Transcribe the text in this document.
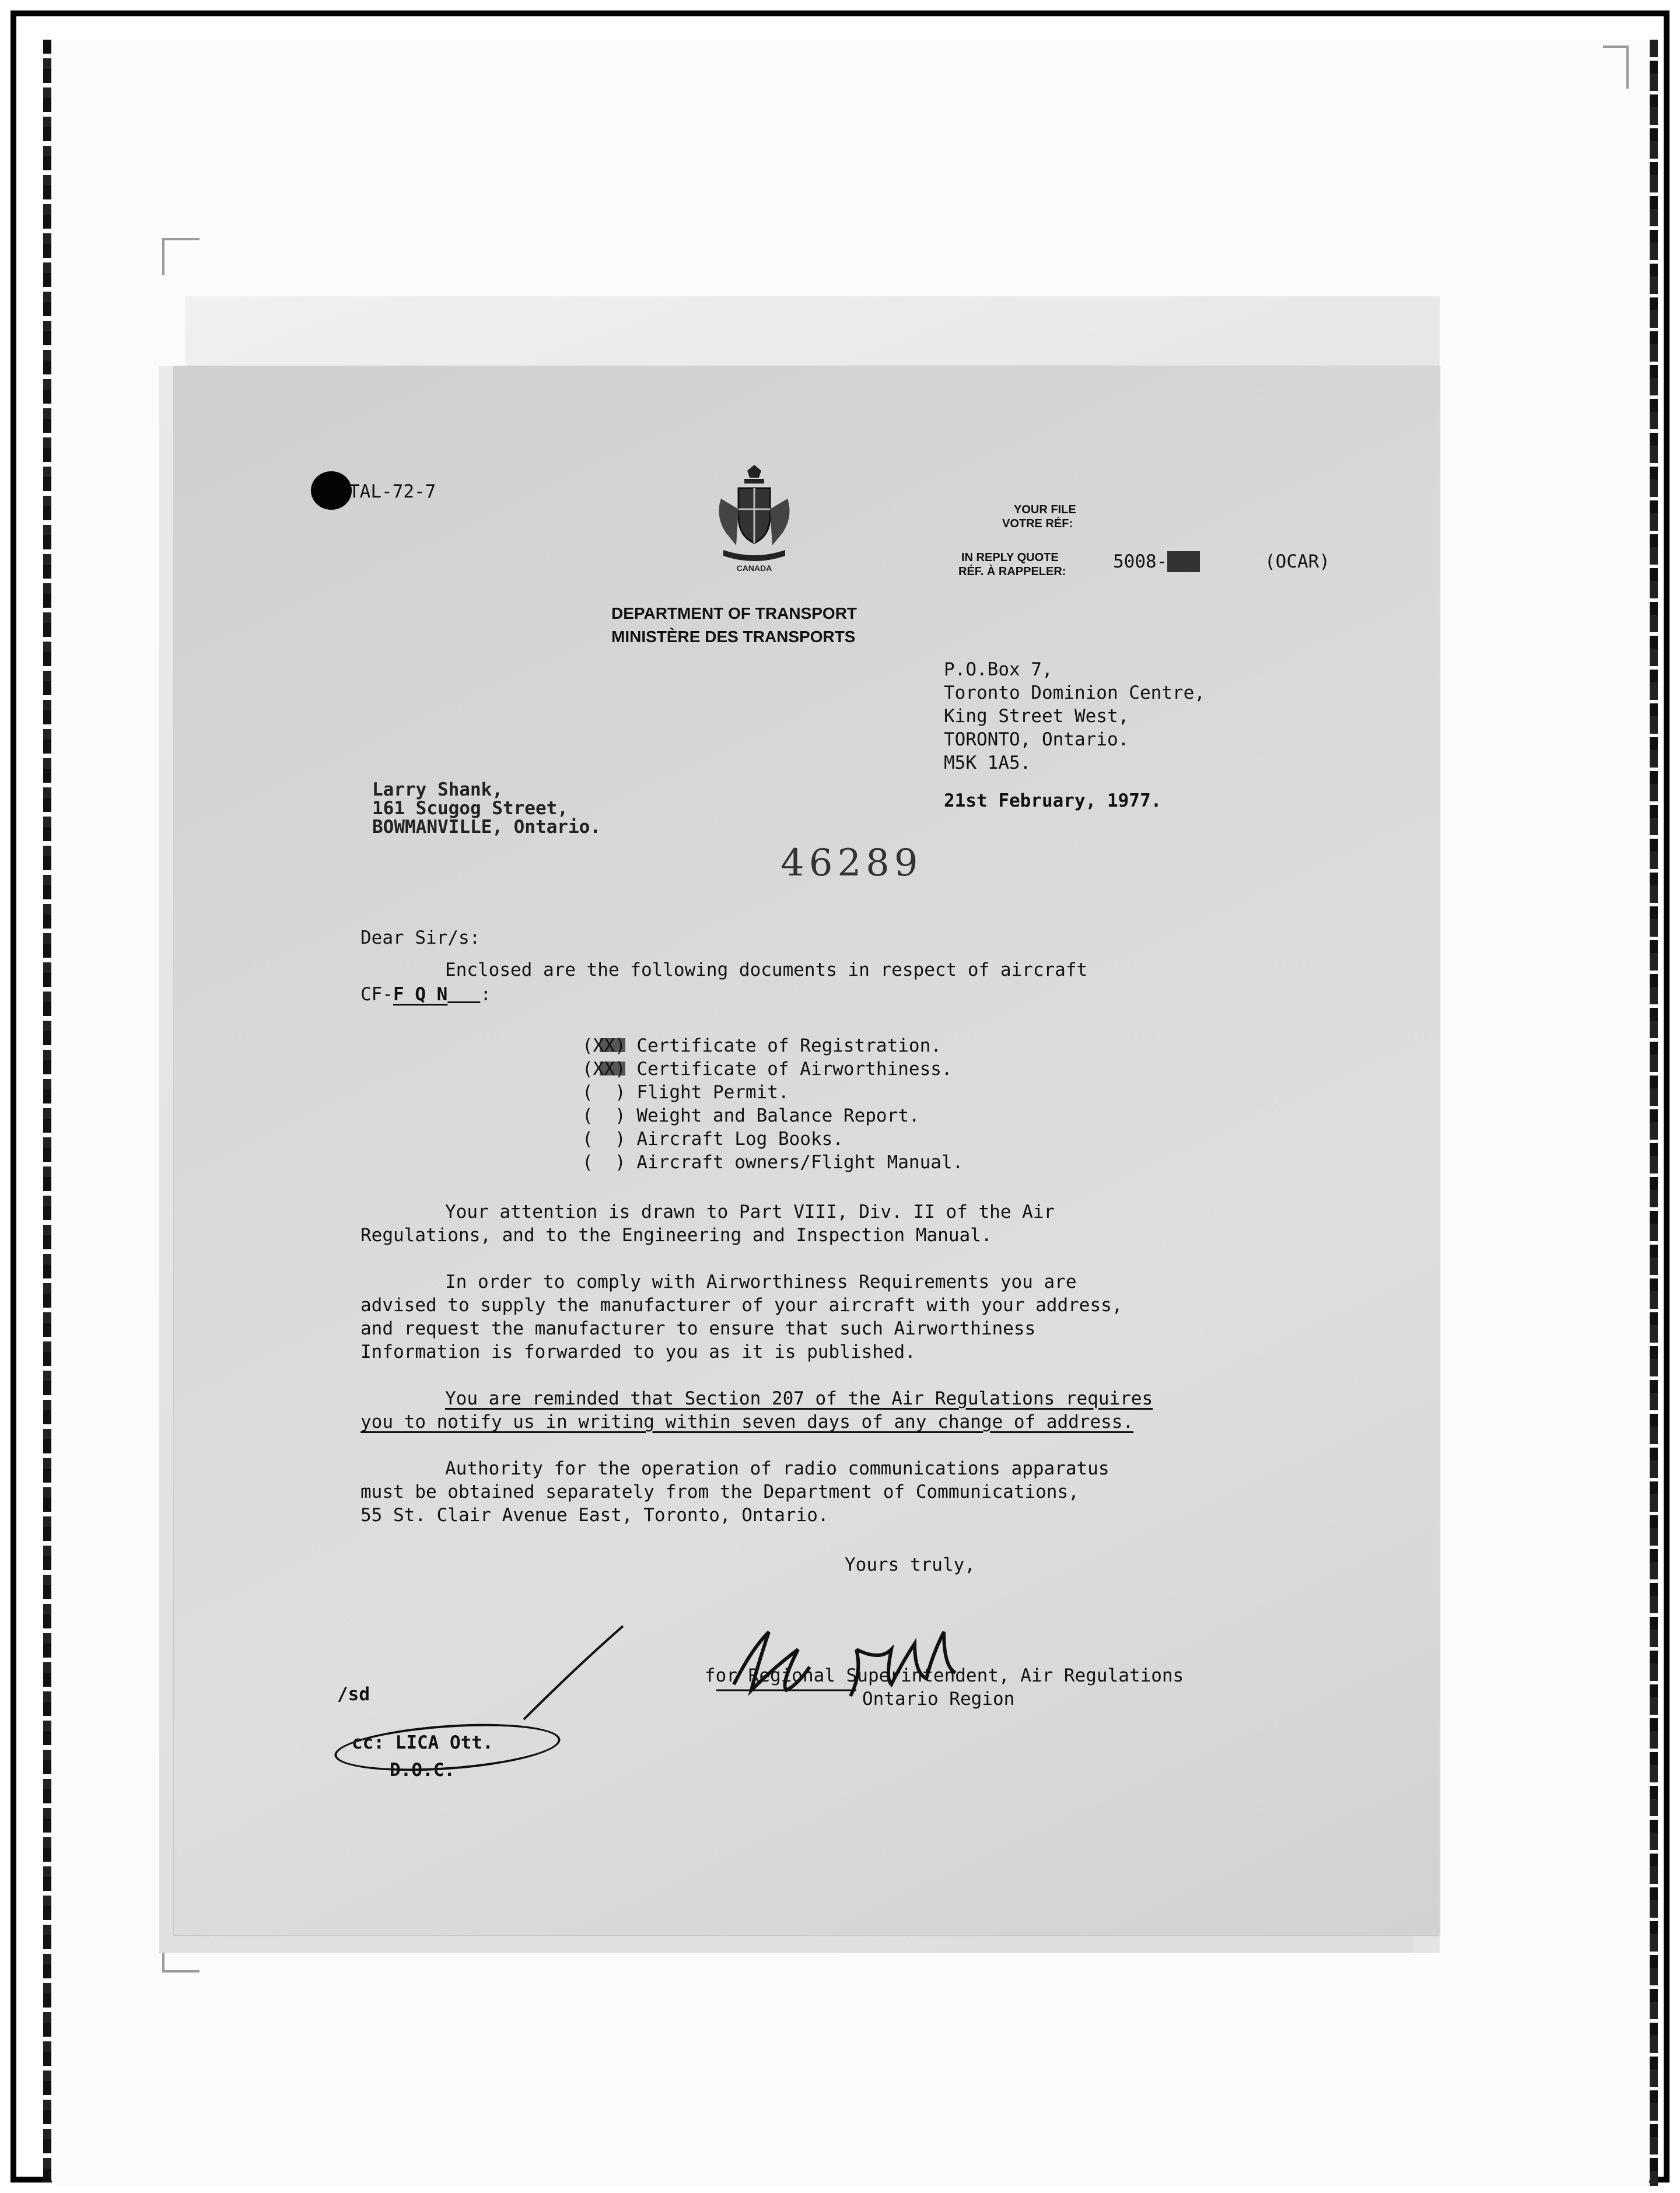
TAL-72-7
CANADA
DEPARTMENT OF TRANSPORT
MINISTÈRE DES TRANSPORTS
YOUR FILE
VOTRE RÉF:
IN REPLY QUOTE
RÉF. À RAPPELER:	5008-FQN	(OCAR)
P.O.Box 7,
Toronto Dominion Centre,
King Street West,
TORONTO, Ontario.
M5K 1A5.
21st February, 1977.
Larry Shank,
161 Scugog Street,
BOWMANVILLE, Ontario.
46289
Dear Sir/s:
Enclosed are the following documents in respect of aircraft
CF-F Q N :
(XX) Certificate of Registration.
(XX) Certificate of Airworthiness.
(  ) Flight Permit.
(  ) Weight and Balance Report.
(  ) Aircraft Log Books.
(  ) Aircraft owners/Flight Manual.
Your attention is drawn to Part VIII, Div. II of the Air
Regulations, and to the Engineering and Inspection Manual.
In order to comply with Airworthiness Requirements you are
advised to supply the manufacturer of your aircraft with your address,
and request the manufacturer to ensure that such Airworthiness
Information is forwarded to you as it is published.
You are reminded that Section 207 of the Air Regulations requires
you to notify us in writing within seven days of any change of address.
Authority for the operation of radio communications apparatus
must be obtained separately from the Department of Communications,
55 St. Clair Avenue East, Toronto, Ontario.
Yours truly,
for Regional Superintendent, Air Regulations
Ontario Region
/sd
cc: LICA Ott.
D.O.C.
